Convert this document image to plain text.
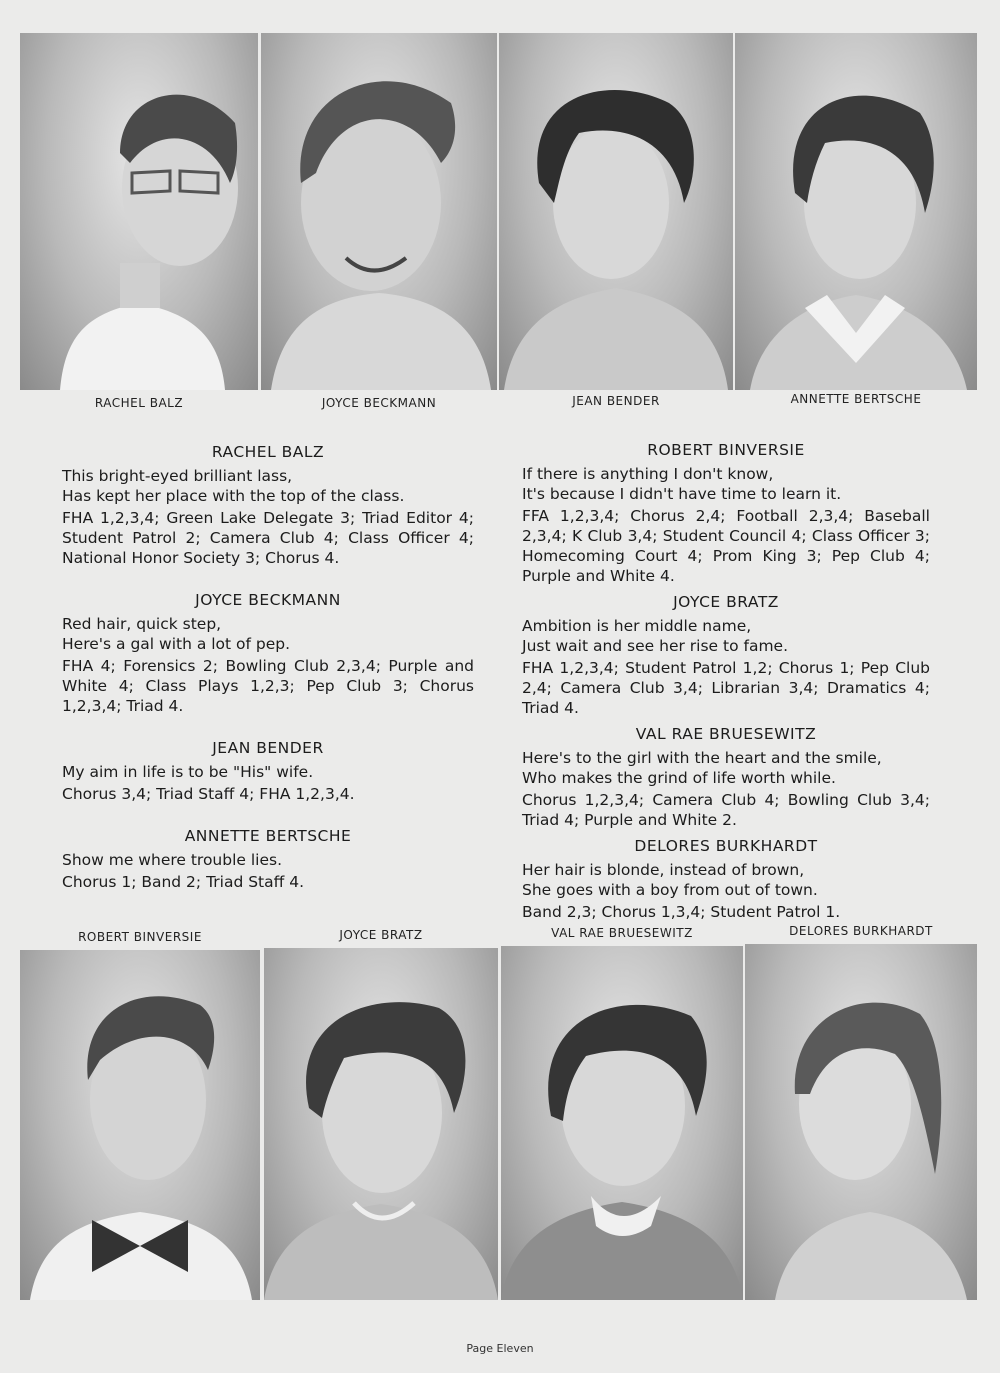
RACHEL BALZ	JOYCE BECKMANN	JEAN BENDER	ANNETTE BERTSCHE
RACHEL BALZ

This bright-eyed brilliant lass,
Has kept her place with the top of the class.

FHA 1,2,3,4; Green Lake Delegate 3; Triad Editor 4; Student Patrol 2; Camera Club 4; Class Officer 4; National Honor Society 3; Chorus 4.

JOYCE BECKMANN

Red hair, quick step,
Here's a gal with a lot of pep.

FHA 4; Forensics 2; Bowling Club 2,3,4; Purple and White 4; Class Plays 1,2,3; Pep Club 3; Chorus 1,2,3,4; Triad 4.

JEAN BENDER

My aim in life is to be "His" wife.

Chorus 3,4; Triad Staff 4; FHA 1,2,3,4.

ANNETTE BERTSCHE

Show me where trouble lies.

Chorus 1; Band 2; Triad Staff 4.

ROBERT BINVERSIE

If there is anything I don't know,
It's because I didn't have time to learn it.

FFA 1,2,3,4; Chorus 2,4; Football 2,3,4; Baseball 2,3,4; K Club 3,4; Student Council 4; Class Officer 3; Homecoming Court 4; Prom King 3; Pep Club 4; Purple and White 4.

JOYCE BRATZ

Ambition is her middle name,
Just wait and see her rise to fame.

FHA 1,2,3,4; Student Patrol 1,2; Chorus 1; Pep Club 2,4; Camera Club 3,4; Librarian 3,4; Dramatics 4; Triad 4.

VAL RAE BRUESEWITZ

Here's to the girl with the heart and the smile,
Who makes the grind of life worth while.

Chorus 1,2,3,4; Camera Club 4; Bowling Club 3,4; Triad 4; Purple and White 2.

DELORES BURKHARDT

Her hair is blonde, instead of brown,
She goes with a boy from out of town.

Band 2,3; Chorus 1,3,4; Student Patrol 1.

ROBERT BINVERSIE	JOYCE BRATZ	VAL RAE BRUESEWITZ	DELORES BURKHARDT
Page Eleven
